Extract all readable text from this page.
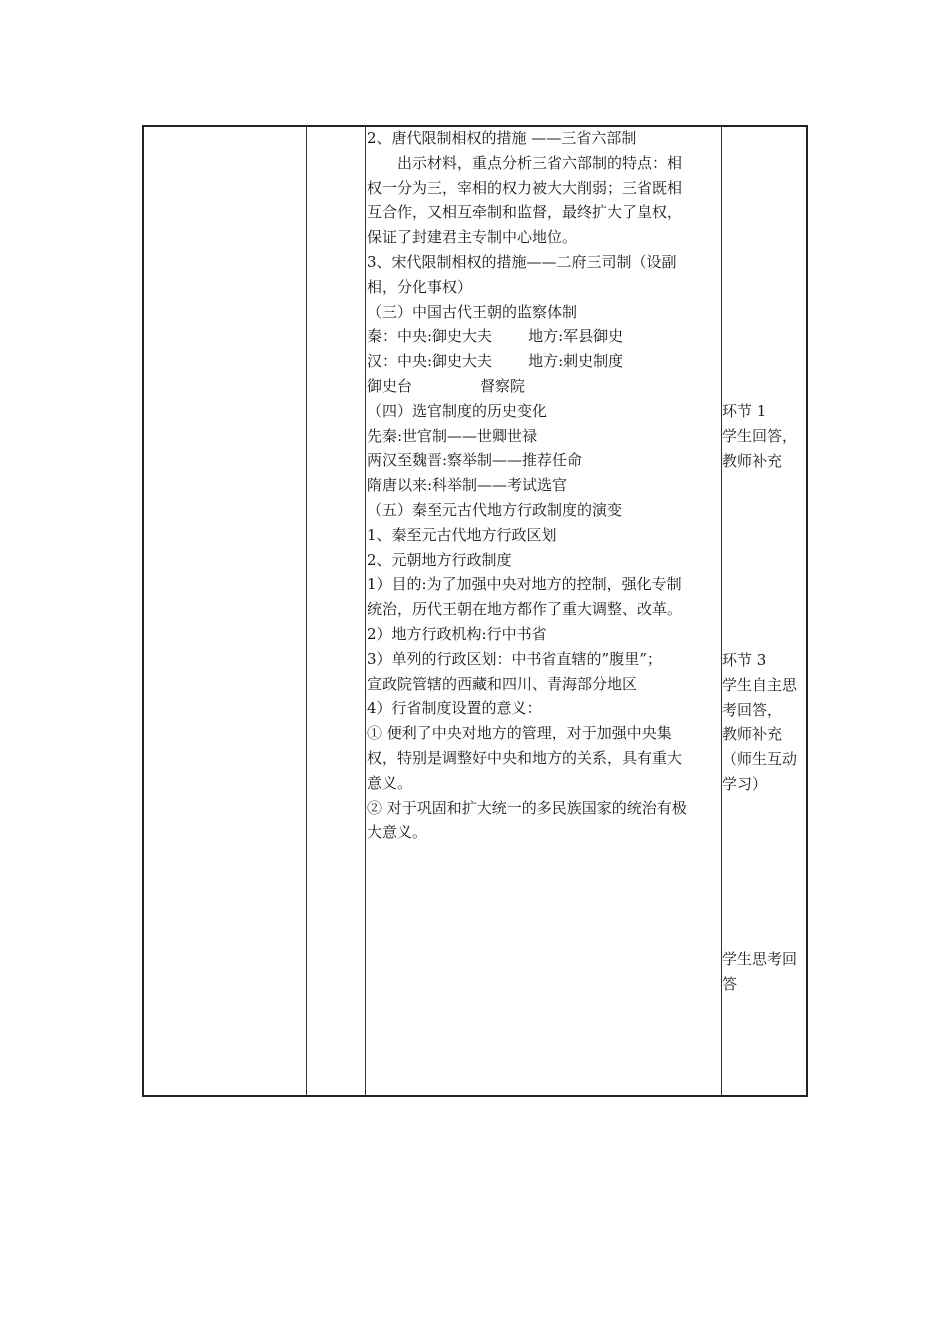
2、唐代限制相权的措施 ——三省六部制
出示材料，重点分析三省六部制的特点：相
权一分为三，宰相的权力被大大削弱；三省既相
互合作，又相互牵制和监督，最终扩大了皇权，
保证了封建君主专制中心地位。
3、宋代限制相权的措施——二府三司制（设副
相，分化事权）
（三）中国古代王朝的监察体制
秦：中央:御史大夫 地方:军县御史
汉：中央:御史大夫 地方:刺史制度
御史台	督察院
（四）选官制度的历史变化
先秦:世官制——世卿世禄
两汉至魏晋:察举制——推荐任命
隋唐以来:科举制——考试选官
（五）秦至元古代地方行政制度的演变
1、秦至元古代地方行政区划
2、元朝地方行政制度
1）目的:为了加强中央对地方的控制，强化专制
统治，历代王朝在地方都作了重大调整、改革。
2）地方行政机构:行中书省
3）单列的行政区划：中书省直辖的”腹里”；
宣政院管辖的西藏和四川、青海部分地区
4）行省制度设置的意义：
① 便利了中央对地方的管理，对于加强中央集
权，特别是调整好中央和地方的关系，具有重大
意义。
② 对于巩固和扩大统一的多民族国家的统治有极
大意义。
环节 1
学生回答，
教师补充
环节 3
学生自主思
考回答，
教师补充
（师生互动
学习）
学生思考回
答
